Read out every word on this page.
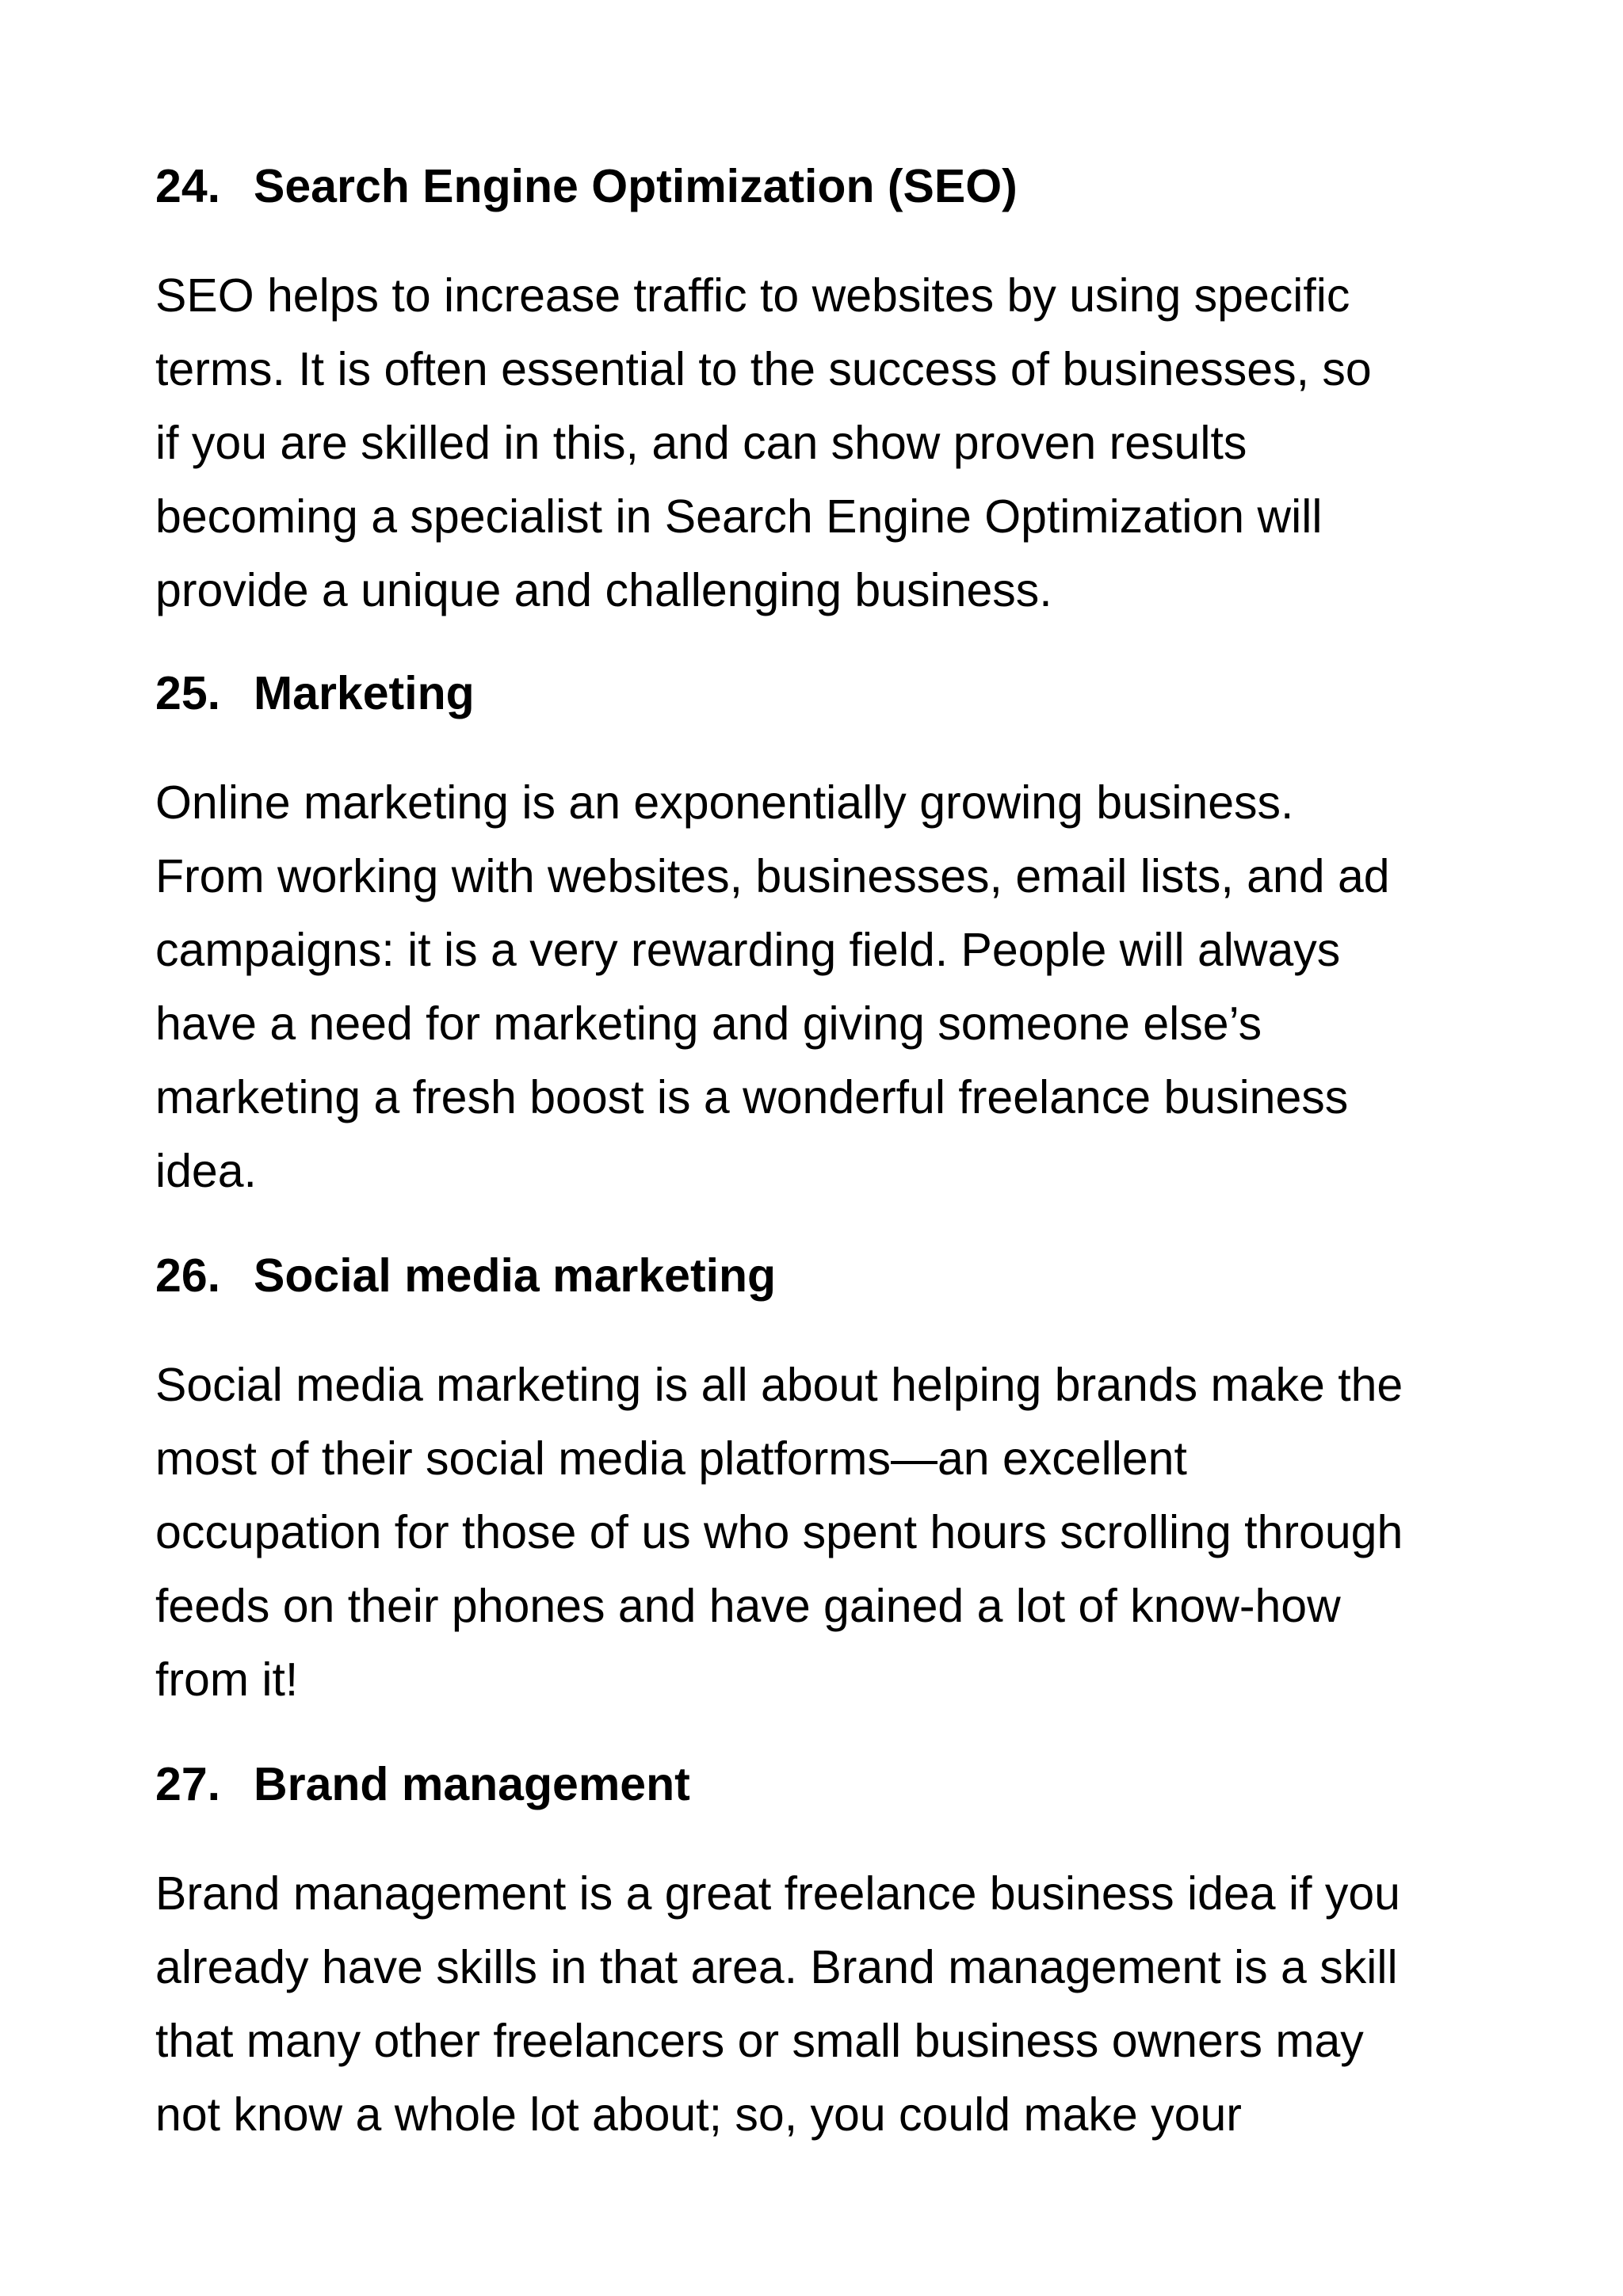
24. Search Engine Optimization (SEO)
SEO helps to increase traffic to websites by using specific
terms. It is often essential to the success of businesses, so
if you are skilled in this, and can show proven results
becoming a specialist in Search Engine Optimization will
provide a unique and challenging business.
25. Marketing
Online marketing is an exponentially growing business.
From working with websites, businesses, email lists, and ad
campaigns: it is a very rewarding field. People will always
have a need for marketing and giving someone else’s
marketing a fresh boost is a wonderful freelance business
idea.
26. Social media marketing
Social media marketing is all about helping brands make the
most of their social media platforms—an excellent
occupation for those of us who spent hours scrolling through
feeds on their phones and have gained a lot of know-how
from it!
27. Brand management
Brand management is a great freelance business idea if you
already have skills in that area. Brand management is a skill
that many other freelancers or small business owners may
not know a whole lot about; so, you could make your
